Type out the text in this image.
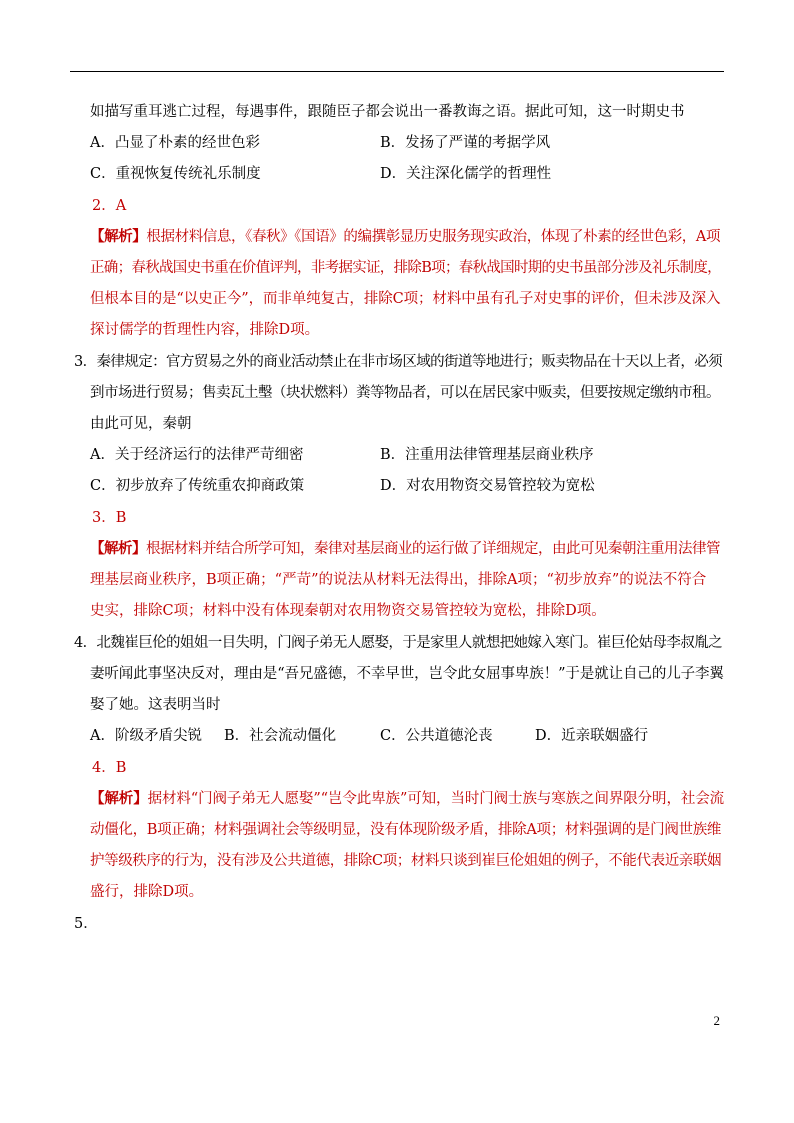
如描写重耳逃亡过程，每遇事件，跟随臣子都会说出一番教诲之语。据此可知，这一时期史书
A．凸显了朴素的经世色彩	B．发扬了严谨的考据学风
C．重视恢复传统礼乐制度	D．关注深化儒学的哲理性
2．A
【解析】根据材料信息，《春秋》《国语》的编撰彰显历史服务现实政治，体现了朴素的经世色彩，A项
正确；春秋战国史书重在价值评判，非考据实证，排除B项；春秋战国时期的史书虽部分涉及礼乐制度，
但根本目的是“以史正今”，而非单纯复古，排除C项；材料中虽有孔子对史事的评价，但未涉及深入
探讨儒学的哲理性内容，排除D项。
3．秦律规定：官方贸易之外的商业活动禁止在非市场区域的街道等地进行；贩卖物品在十天以上者，必须
到市场进行贸易；售卖瓦土墼（块状燃料）粪等物品者，可以在居民家中贩卖，但要按规定缴纳市租。
由此可见，秦朝
A．关于经济运行的法律严苛细密	B．注重用法律管理基层商业秩序
C．初步放弃了传统重农抑商政策	D．对农用物资交易管控较为宽松
3．B
【解析】根据材料并结合所学可知，秦律对基层商业的运行做了详细规定，由此可见秦朝注重用法律管
理基层商业秩序，B项正确；“严苛”的说法从材料无法得出，排除A项；“初步放弃”的说法不符合
史实，排除C项；材料中没有体现秦朝对农用物资交易管控较为宽松，排除D项。
4．北魏崔巨伦的姐姐一目失明，门阀子弟无人愿娶，于是家里人就想把她嫁入寒门。崔巨伦姑母李叔胤之
妻听闻此事坚决反对，理由是“吾兄盛德，不幸早世，岂令此女屈事卑族！”于是就让自己的儿子李翼
娶了她。这表明当时
A．阶级矛盾尖锐 B．社会流动僵化	C．公共道德沦丧	D．近亲联姻盛行
4．B
【解析】据材料“门阀子弟无人愿娶”“岂令此卑族”可知，当时门阀士族与寒族之间界限分明，社会流
动僵化，B项正确；材料强调社会等级明显，没有体现阶级矛盾，排除A项；材料强调的是门阀世族维
护等级秩序的行为，没有涉及公共道德，排除C项；材料只谈到崔巨伦姐姐的例子，不能代表近亲联姻
盛行，排除D项。
5．
2
